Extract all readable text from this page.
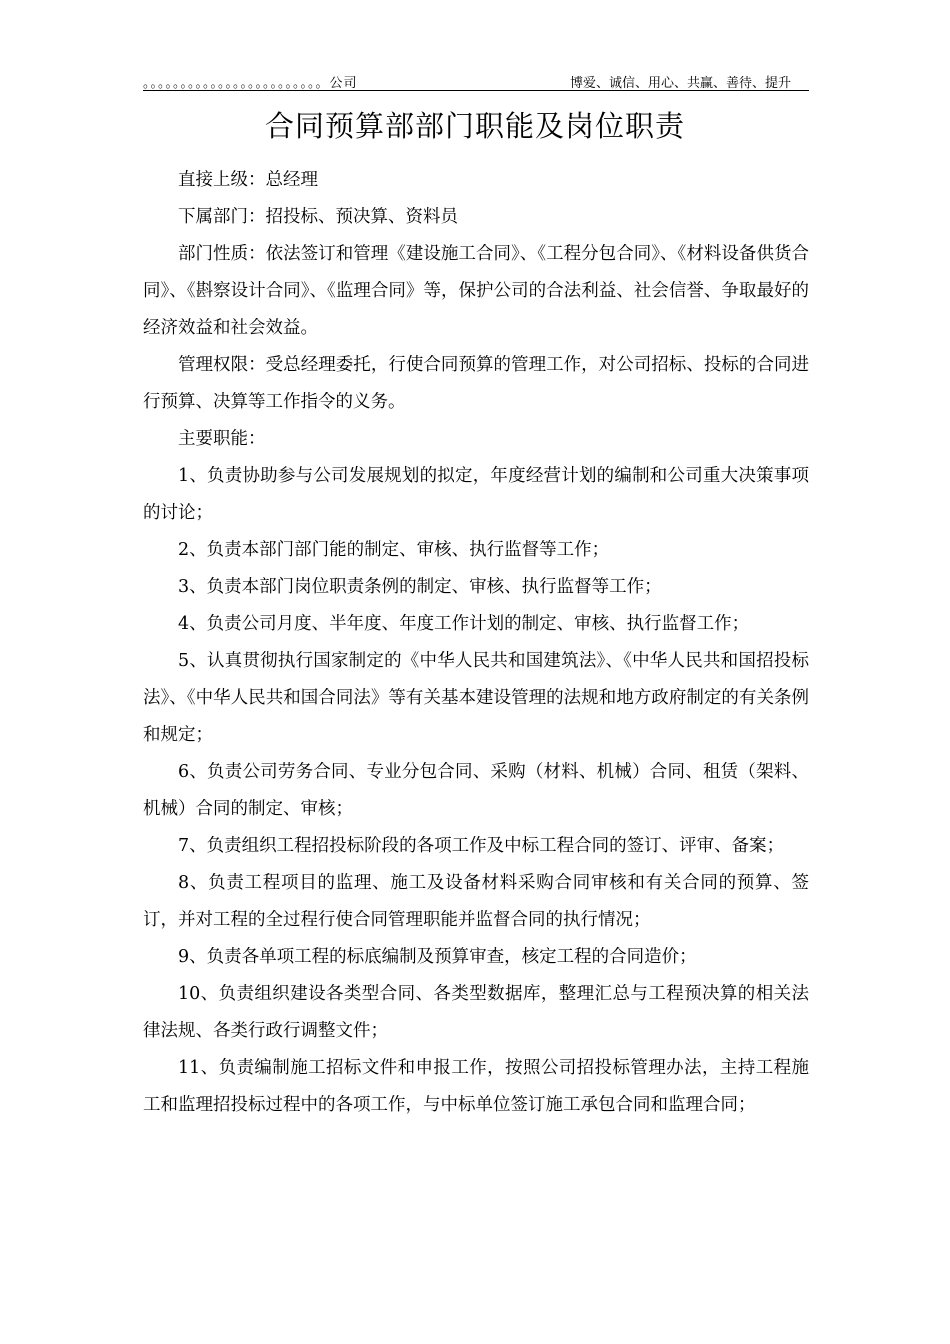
。。。。。。。。。。。。。。。。。。。。。。。。公司	博爱、诚信、用心、共赢、善待、提升
合同预算部部门职能及岗位职责

直接上级：总经理

下属部门：招投标、预决算、资料员

部门性质：依法签订和管理《建设施工合同》、《工程分包合同》、《材料设备供货合同》、《斟察设计合同》、《监理合同》等，保护公司的合法利益、社会信誉、争取最好的经济效益和社会效益。

管理权限：受总经理委托，行使合同预算的管理工作，对公司招标、投标的合同进行预算、决算等工作指令的义务。

主要职能：

1、负责协助参与公司发展规划的拟定，年度经营计划的编制和公司重大决策事项的讨论；

2、负责本部门部门能的制定、审核、执行监督等工作；

3、负责本部门岗位职责条例的制定、审核、执行监督等工作；

4、负责公司月度、半年度、年度工作计划的制定、审核、执行监督工作；

5、认真贯彻执行国家制定的《中华人民共和国建筑法》、《中华人民共和国招投标法》、《中华人民共和国合同法》等有关基本建设管理的法规和地方政府制定的有关条例和规定；

6、负责公司劳务合同、专业分包合同、采购（材料、机械）合同、租赁（架料、机械）合同的制定、审核；

7、负责组织工程招投标阶段的各项工作及中标工程合同的签订、评审、备案；

8、负责工程项目的监理、施工及设备材料采购合同审核和有关合同的预算、签订，并对工程的全过程行使合同管理职能并监督合同的执行情况；

9、负责各单项工程的标底编制及预算审查，核定工程的合同造价；

10、负责组织建设各类型合同、各类型数据库，整理汇总与工程预决算的相关法律法规、各类行政行调整文件；

11、负责编制施工招标文件和申报工作，按照公司招投标管理办法，主持工程施工和监理招投标过程中的各项工作，与中标单位签订施工承包合同和监理合同；
